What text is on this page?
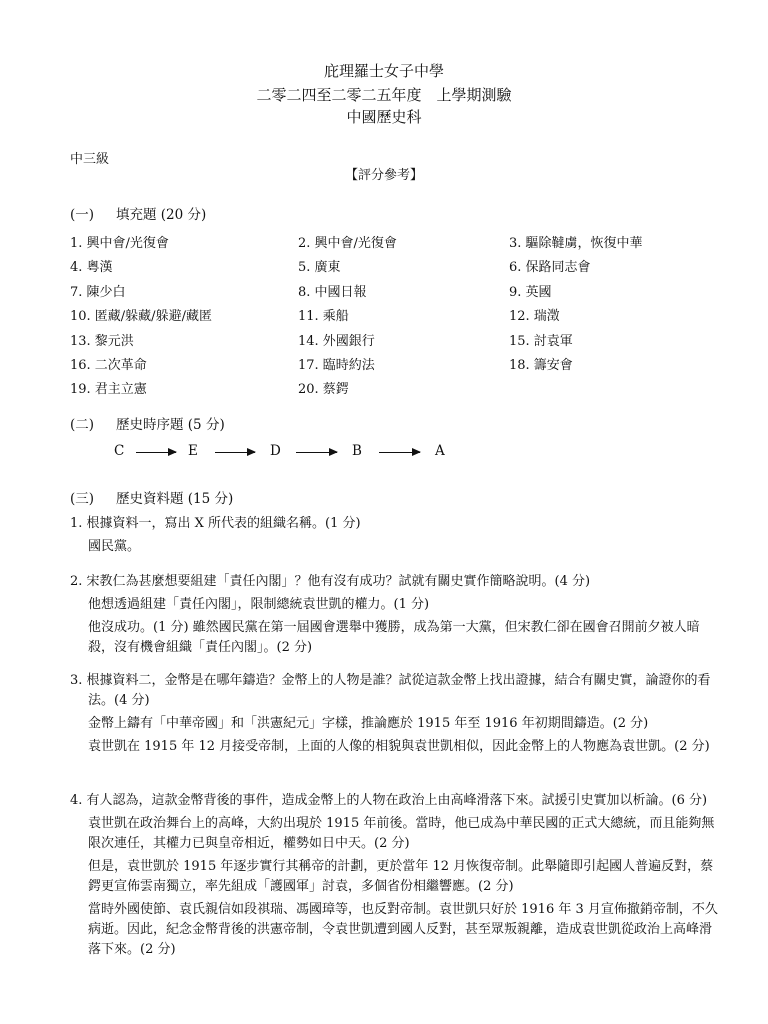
庇理羅士女子中學
二零二四至二零二五年度　上學期測驗
中國歷史科
中三級
【評分參考】
(一) 填充題 (20 分)
1. 興中會/光復會	2. 興中會/光復會	3. 驅除韃虜，恢復中華
4. 粵漢	5. 廣東	6. 保路同志會
7. 陳少白	8. 中國日報	9. 英國
10. 匿藏/躲藏/躲避/藏匿	11. 乘船	12. 瑞澂
13. 黎元洪	14. 外國銀行	15. 討袁軍
16. 二次革命	17. 臨時約法	18. 籌安會
19. 君主立憲	20. 蔡鍔
(二) 歷史時序題 (5 分)
C	E	D	B	A
(三) 歷史資料題 (15 分)
1. 根據資料一，寫出 X 所代表的組織名稱。(1 分)
國民黨。
2. 宋教仁為甚麼想要組建「責任內閣」？他有沒有成功？試就有關史實作簡略說明。(4 分)
他想透過組建「責任內閣」，限制總統袁世凱的權力。(1 分)
他沒成功。(1 分) 雖然國民黨在第一屆國會選舉中獲勝，成為第一大黨，但宋教仁卻在國會召開前夕被人暗殺，沒有機會組織「責任內閣」。(2 分)
3. 根據資料二，金幣是在哪年鑄造？金幣上的人物是誰？試從這款金幣上找出證據，結合有關史實，論證你的看法。(4 分)
金幣上鑄有「中華帝國」和「洪憲紀元」字樣，推論應於 1915 年至 1916 年初期間鑄造。(2 分)
袁世凱在 1915 年 12 月接受帝制，上面的人像的相貌與袁世凱相似，因此金幣上的人物應為袁世凱。(2 分)
4. 有人認為，這款金幣背後的事件，造成金幣上的人物在政治上由高峰滑落下來。試援引史實加以析論。(6 分)
袁世凱在政治舞台上的高峰，大約出現於 1915 年前後。當時，他已成為中華民國的正式大總統，而且能夠無限次連任，其權力已與皇帝相近，權勢如日中天。(2 分)
但是，袁世凱於 1915 年逐步實行其稱帝的計劃，更於當年 12 月恢復帝制。此舉隨即引起國人普遍反對，蔡鍔更宣佈雲南獨立，率先組成「護國軍」討袁，多個省份相繼響應。(2 分)
當時外國使節、袁氏親信如段祺瑞、馮國璋等，也反對帝制。袁世凱只好於 1916 年 3 月宣佈撤銷帝制，不久病逝。因此，紀念金幣背後的洪憲帝制，令袁世凱遭到國人反對，甚至眾叛親離，造成袁世凱從政治上高峰滑落下來。(2 分)
